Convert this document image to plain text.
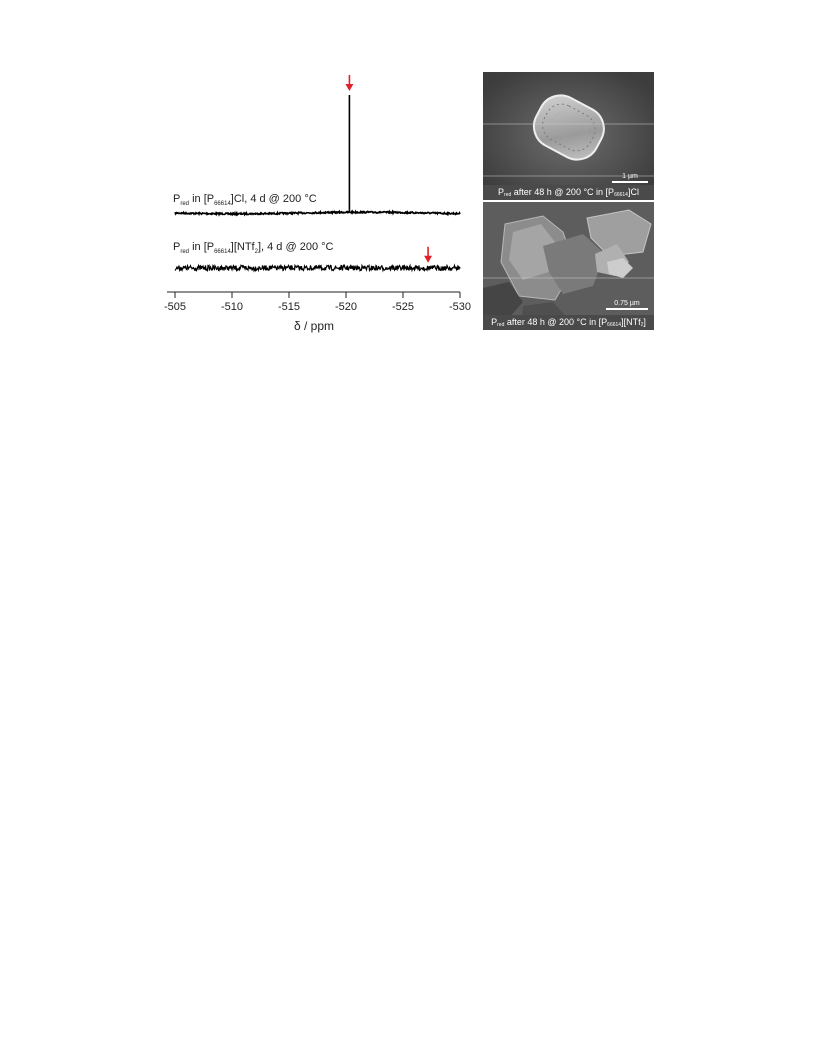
-505	-510	-515	-520	-525	-530
δ / ppm
$P_{red}$ in $[P_{66614}]Cl$, 4 d @ 200 °C
$P_{red}$ in $[P_{66614}][NTf_2]$, 4 d @ 200 °C
1 µm
$P_{red}$ after 48 h @ 200 °C in $[P_{66614}]Cl$
0.75 µm
$P_{red}$ after 48 h @ 200 °C in $[P_{66614}][NTf_2]$
